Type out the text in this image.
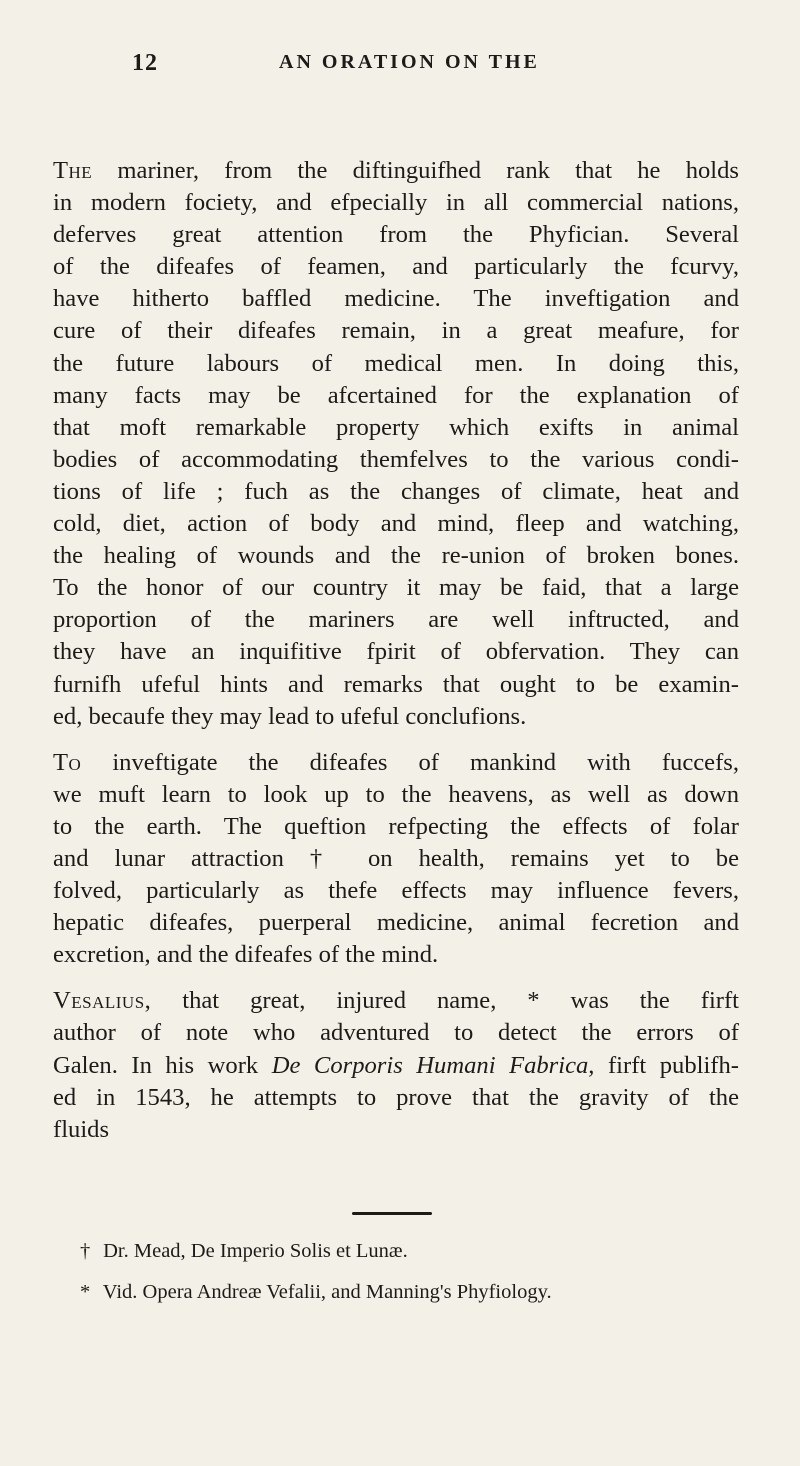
12	AN ORATION ON THE
The mariner, from the diftinguifhed rank that he holds
in modern fociety, and efpecially in all commercial nations,
deferves great attention from the Phyfician. Several
of the difeafes of feamen, and particularly the fcurvy,
have hitherto baffled medicine. The inveftigation and
cure of their difeafes remain, in a great meafure, for
the future labours of medical men. In doing this,
many facts may be afcertained for the explanation of
that moft remarkable property which exifts in animal
bodies of accommodating themfelves to the various condi-
tions of life ; fuch as the changes of climate, heat and
cold, diet, action of body and mind, fleep and watching,
the healing of wounds and the re-union of broken bones.
To the honor of our country it may be faid, that a large
proportion of the mariners are well inftructed, and
they have an inquifitive fpirit of obfervation. They can
furnifh ufeful hints and remarks that ought to be examin-
ed, becaufe they may lead to ufeful conclufions.
To inveftigate the difeafes of mankind with fuccefs,
we muft learn to look up to the heavens, as well as down
to the earth. The queftion refpecting the effects of folar
and lunar attraction † on health, remains yet to be
folved, particularly as thefe effects may influence fevers,
hepatic difeafes, puerperal medicine, animal fecretion and
excretion, and the difeafes of the mind.
Vesalius, that great, injured name, * was the firft
author of note who adventured to detect the errors of
Galen. In his work De Corporis Humani Fabrica, firft publifh-
ed in 1543, he attempts to prove that the gravity of the
fluids
† Dr. Mead, De Imperio Solis et Lunæ.
* Vid. Opera Andreæ Vefalii, and Manning's Phyfiology.
